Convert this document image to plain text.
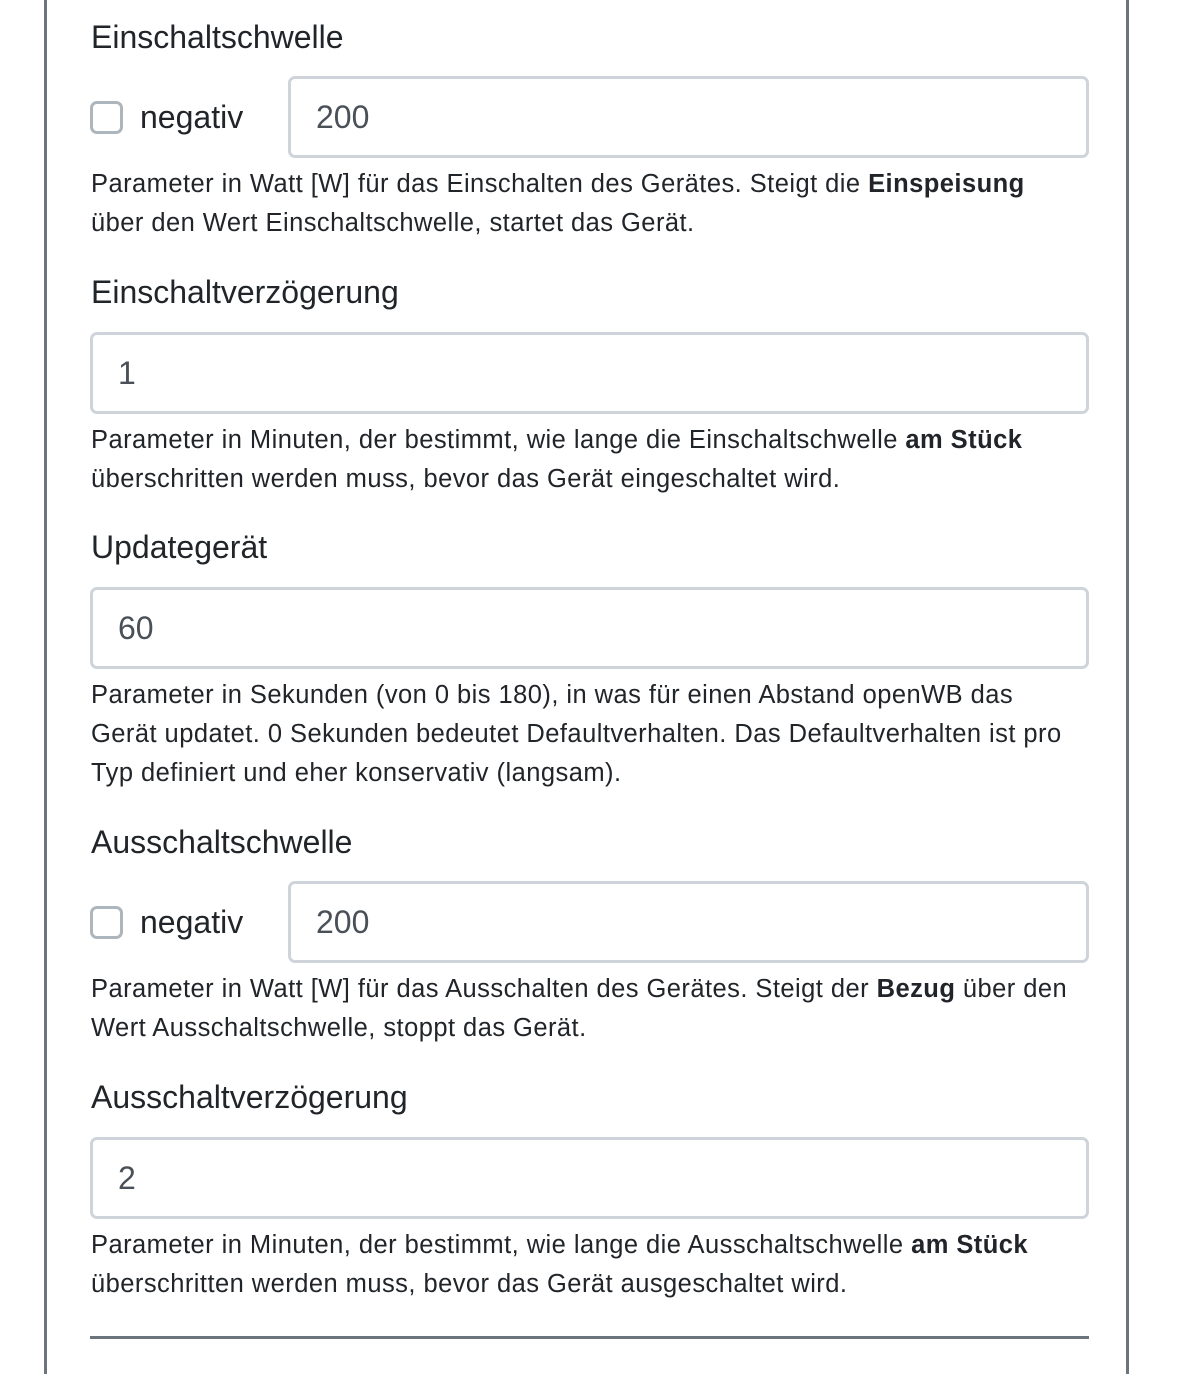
Einschaltschwelle
negativ
200
Parameter in Watt [W] für das Einschalten des Gerätes. Steigt die Einspeisung über den Wert Einschaltschwelle, startet das Gerät.
Einschaltverzögerung
1
Parameter in Minuten, der bestimmt, wie lange die Einschaltschwelle am Stück überschritten werden muss, bevor das Gerät eingeschaltet wird.
Updategerät
60
Parameter in Sekunden (von 0 bis 180), in was für einen Abstand openWB das Gerät updatet. 0 Sekunden bedeutet Defaultverhalten. Das Defaultverhalten ist pro Typ definiert und eher konservativ (langsam).
Ausschaltschwelle
negativ
200
Parameter in Watt [W] für das Ausschalten des Gerätes. Steigt der Bezug über den Wert Ausschaltschwelle, stoppt das Gerät.
Ausschaltverzögerung
2
Parameter in Minuten, der bestimmt, wie lange die Ausschaltschwelle am Stück überschritten werden muss, bevor das Gerät ausgeschaltet wird.
